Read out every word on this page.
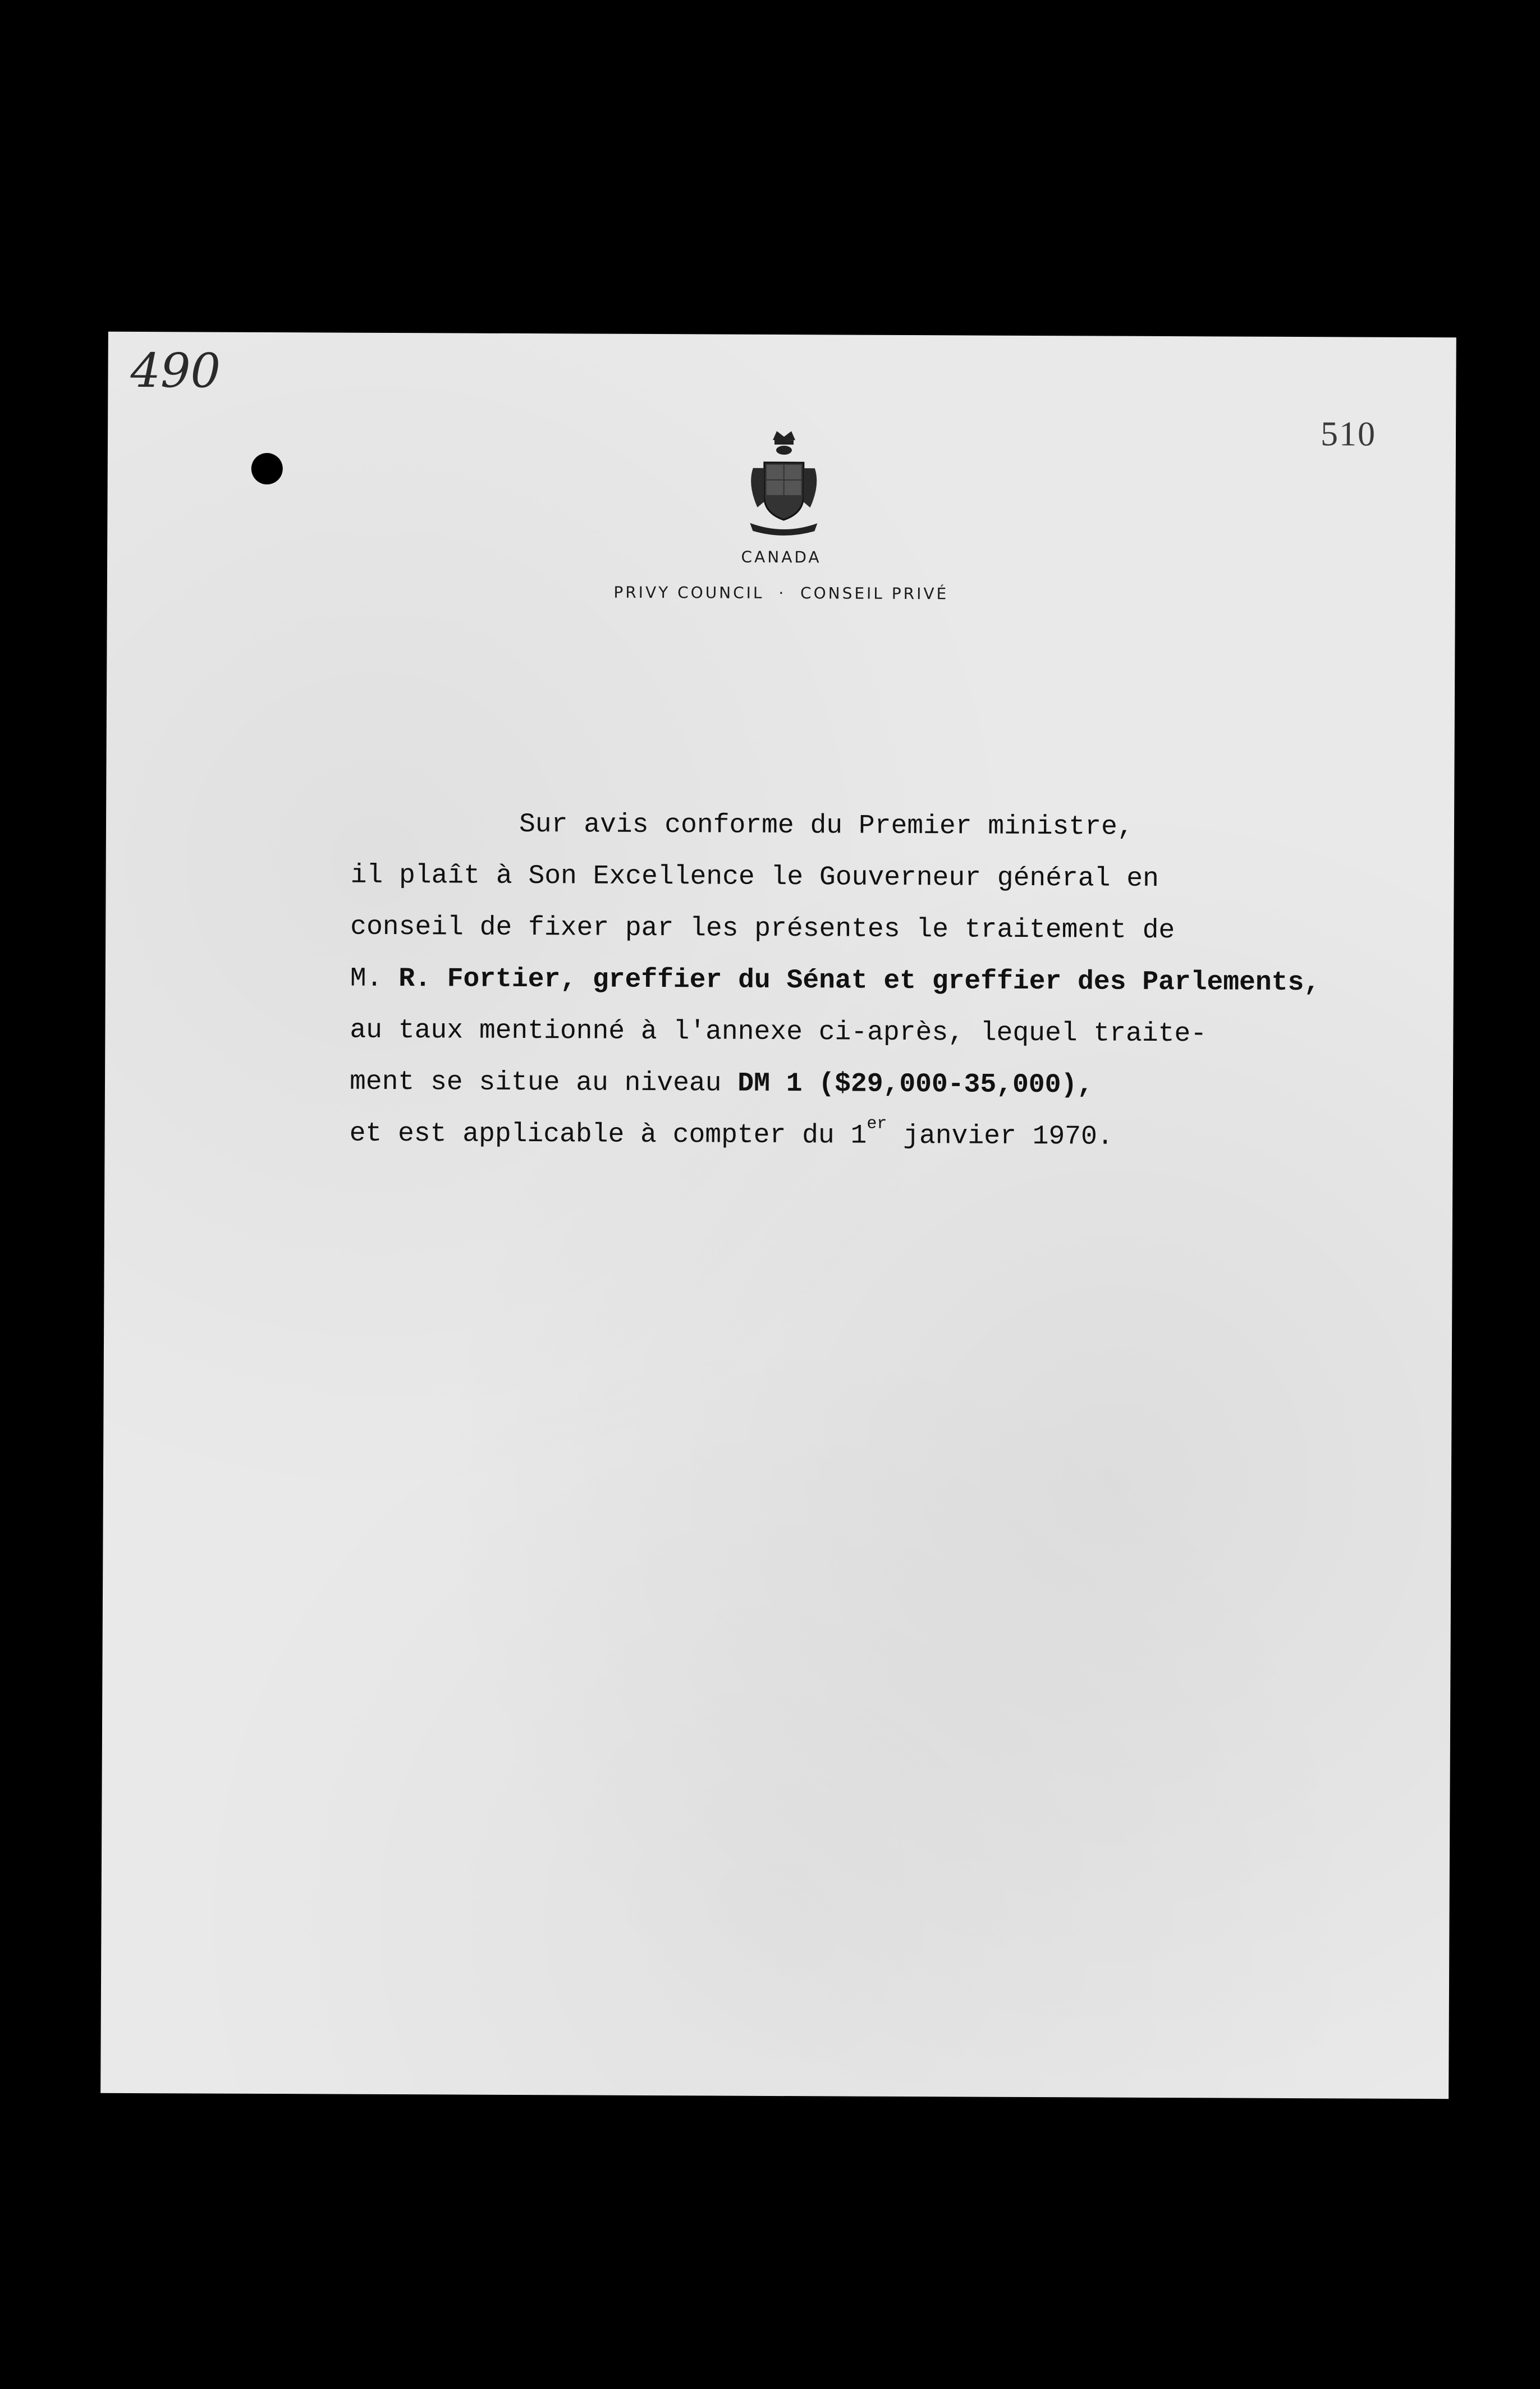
490
510
CANADA
PRIVY COUNCIL  ·  CONSEIL PRIVÉ
Sur avis conforme du Premier ministre,
il plaît à Son Excellence le Gouverneur général en
conseil de fixer par les présentes le traitement de
M. R. Fortier, greffier du Sénat et greffier des Parlements,
au taux mentionné à l'annexe ci-après, lequel traite-
ment se situe au niveau DM 1 ($29,000-35,000),
et est applicable à compter du 1er janvier 1970.
